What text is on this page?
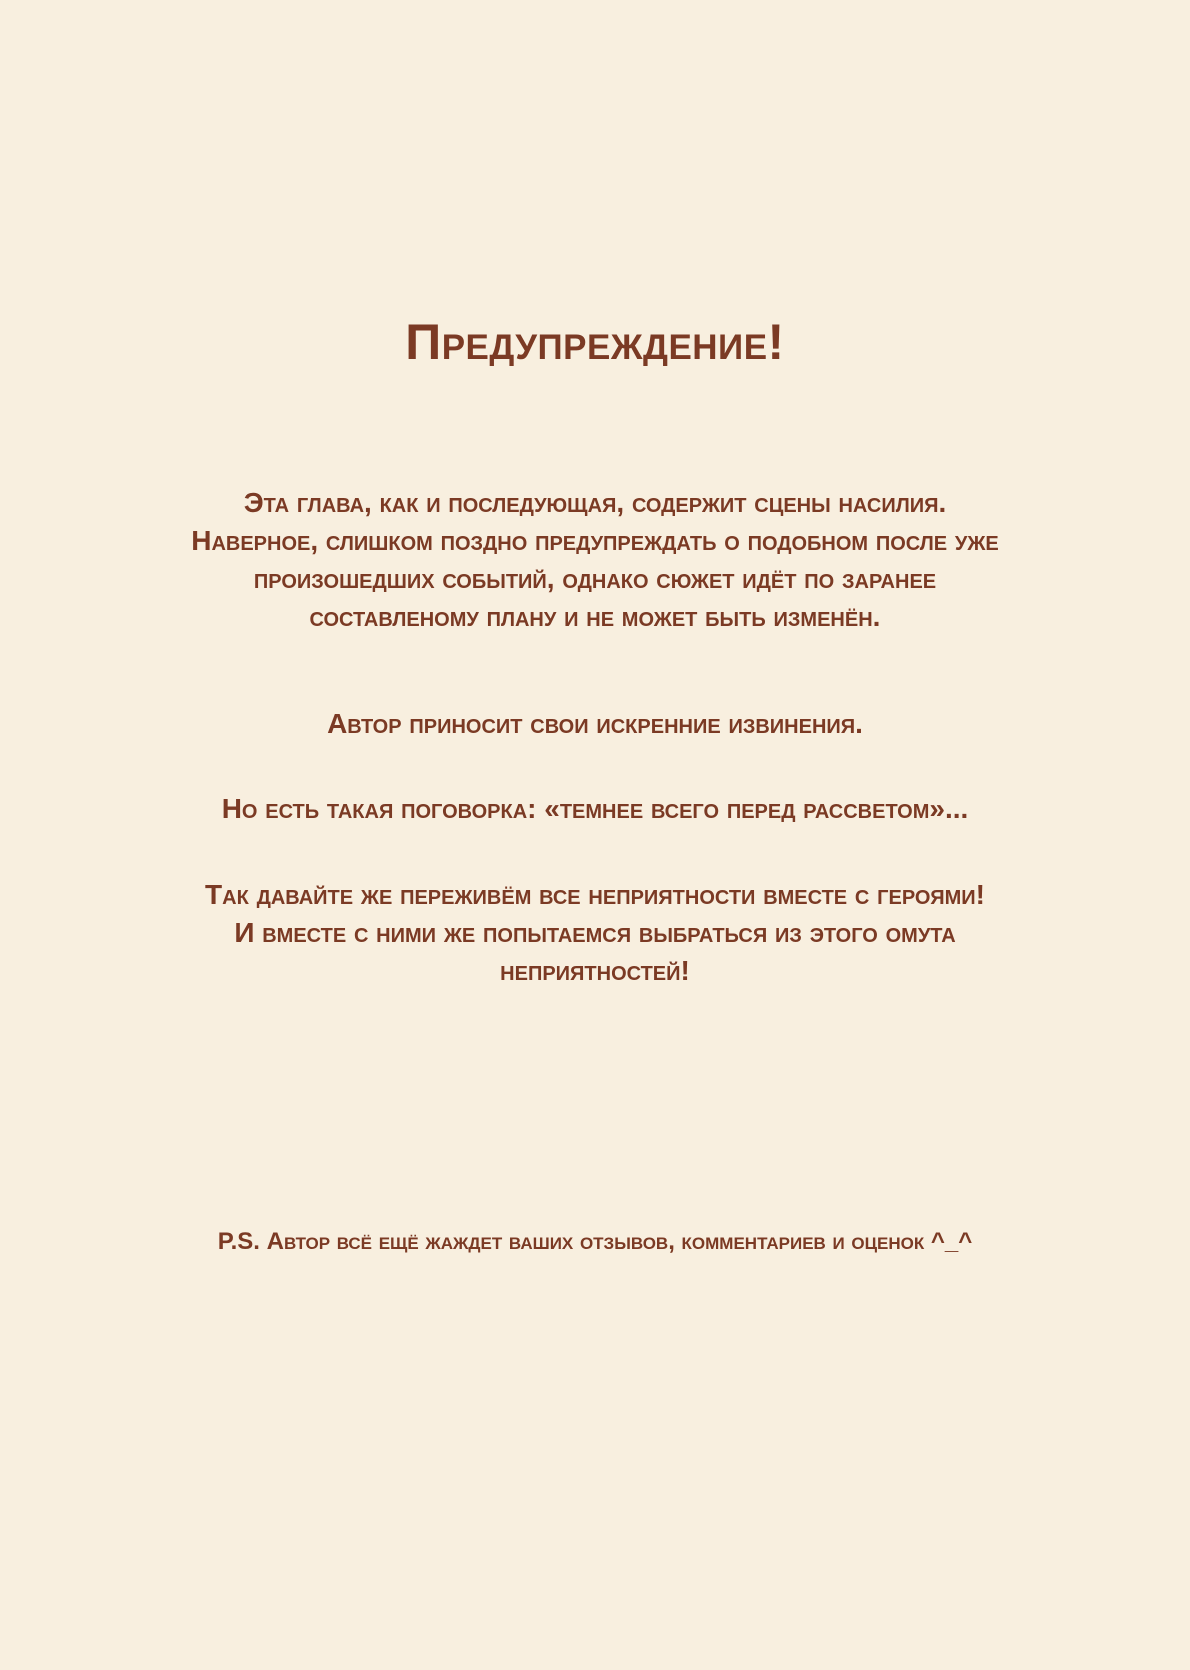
Предупреждение!

Эта глава, как и последующая, содержит сцены насилия.
Наверное, слишком поздно предупреждать о подобном после уже
произошедших событий, однако сюжет идёт по заранее
составленому плану и не может быть изменён.

Автор приносит свои искренние извинения.

Но есть такая поговорка: «темнее всего перед рассветом»...

Так давайте же переживём все неприятности вместе с героями!
И вместе с ними же попытаемся выбраться из этого омута
неприятностей!

P.S. Автор всё ещё жаждет ваших отзывов, комментариев и оценок ^_^
